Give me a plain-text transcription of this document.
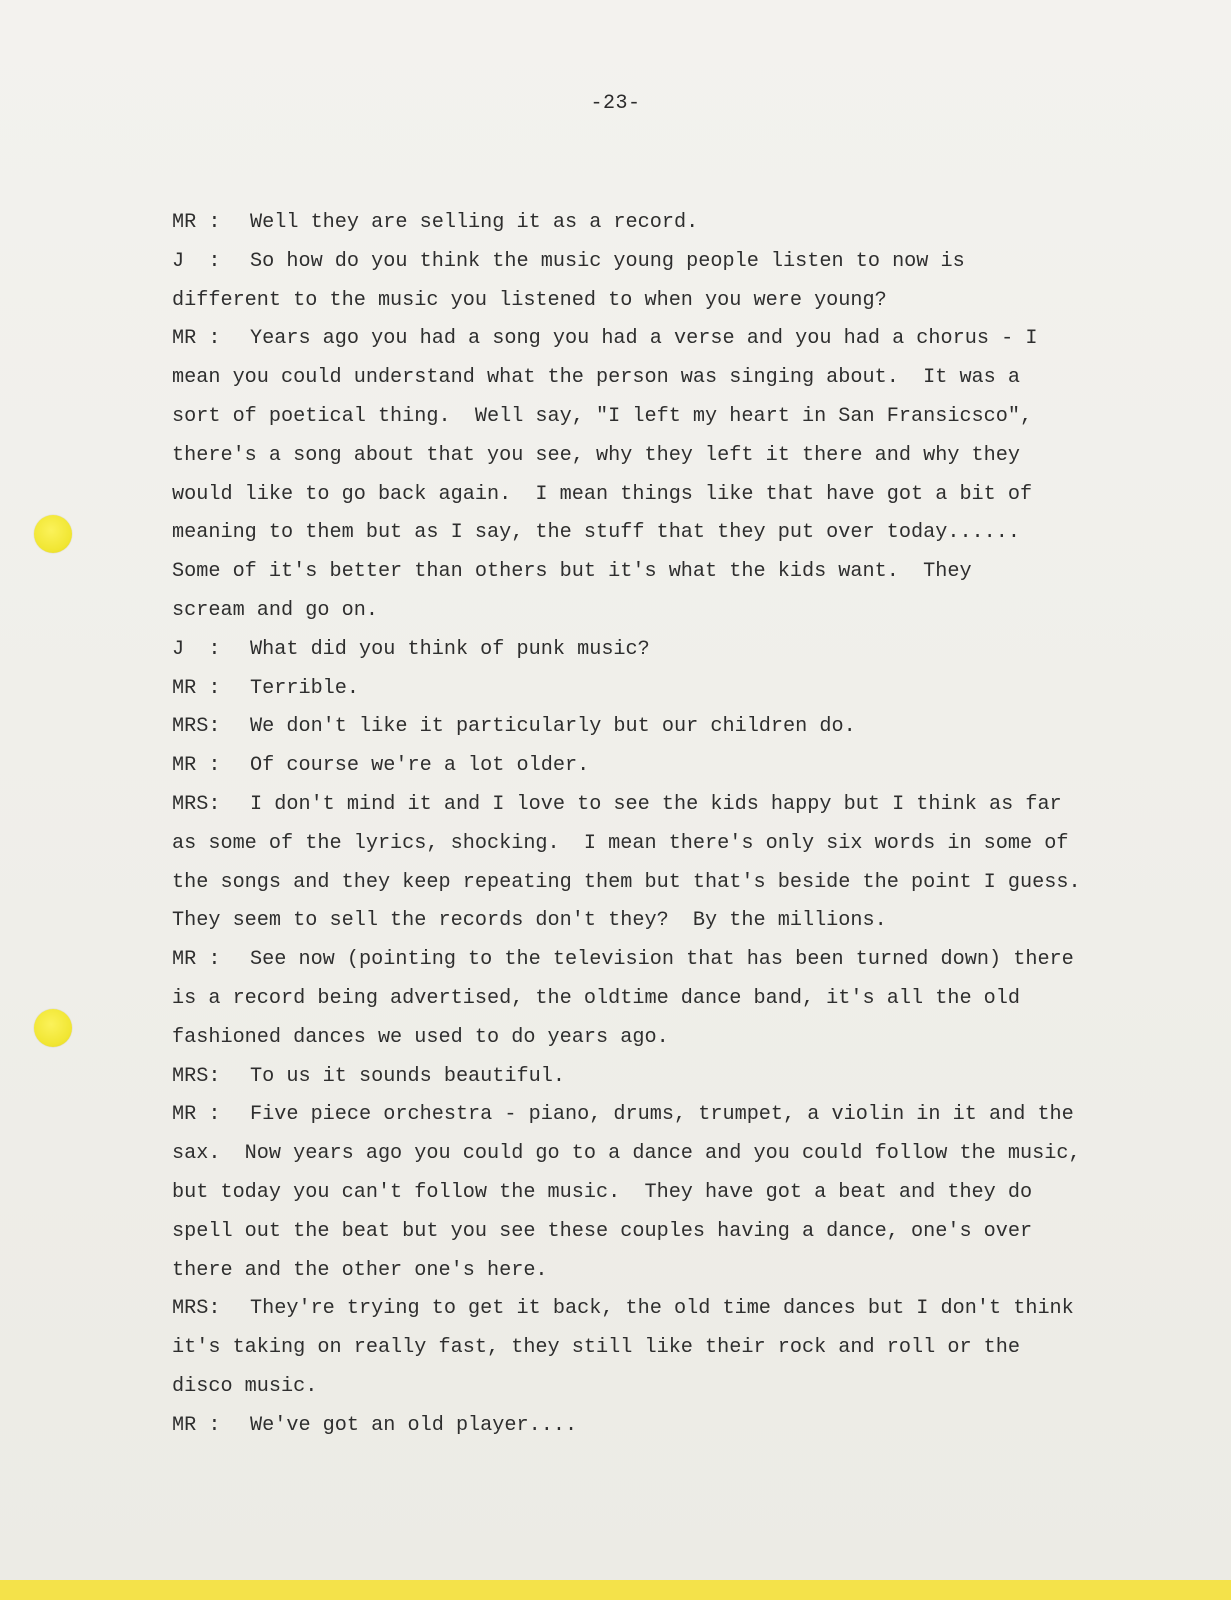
-23-

MR : Well they are selling it as a record.

J  : So how do you think the music young people listen to now is
different to the music you listened to when you were young?

MR : Years ago you had a song you had a verse and you had a chorus - I
mean you could understand what the person was singing about.  It was a
sort of poetical thing.  Well say, "I left my heart in San Fransicsco",
there's a song about that you see, why they left it there and why they
would like to go back again.  I mean things like that have got a bit of
meaning to them but as I say, the stuff that they put over today......
Some of it's better than others but it's what the kids want.  They
scream and go on.

J  : What did you think of punk music?

MR : Terrible.

MRS: We don't like it particularly but our children do.

MR : Of course we're a lot older.

MRS: I don't mind it and I love to see the kids happy but I think as far
as some of the lyrics, shocking.  I mean there's only six words in some of
the songs and they keep repeating them but that's beside the point I guess.
They seem to sell the records don't they?  By the millions.

MR : See now (pointing to the television that has been turned down) there
is a record being advertised, the oldtime dance band, it's all the old
fashioned dances we used to do years ago.

MRS: To us it sounds beautiful.

MR : Five piece orchestra - piano, drums, trumpet, a violin in it and the
sax.  Now years ago you could go to a dance and you could follow the music,
but today you can't follow the music.  They have got a beat and they do
spell out the beat but you see these couples having a dance, one's over
there and the other one's here.

MRS: They're trying to get it back, the old time dances but I don't think
it's taking on really fast, they still like their rock and roll or the
disco music.

MR : We've got an old player....
